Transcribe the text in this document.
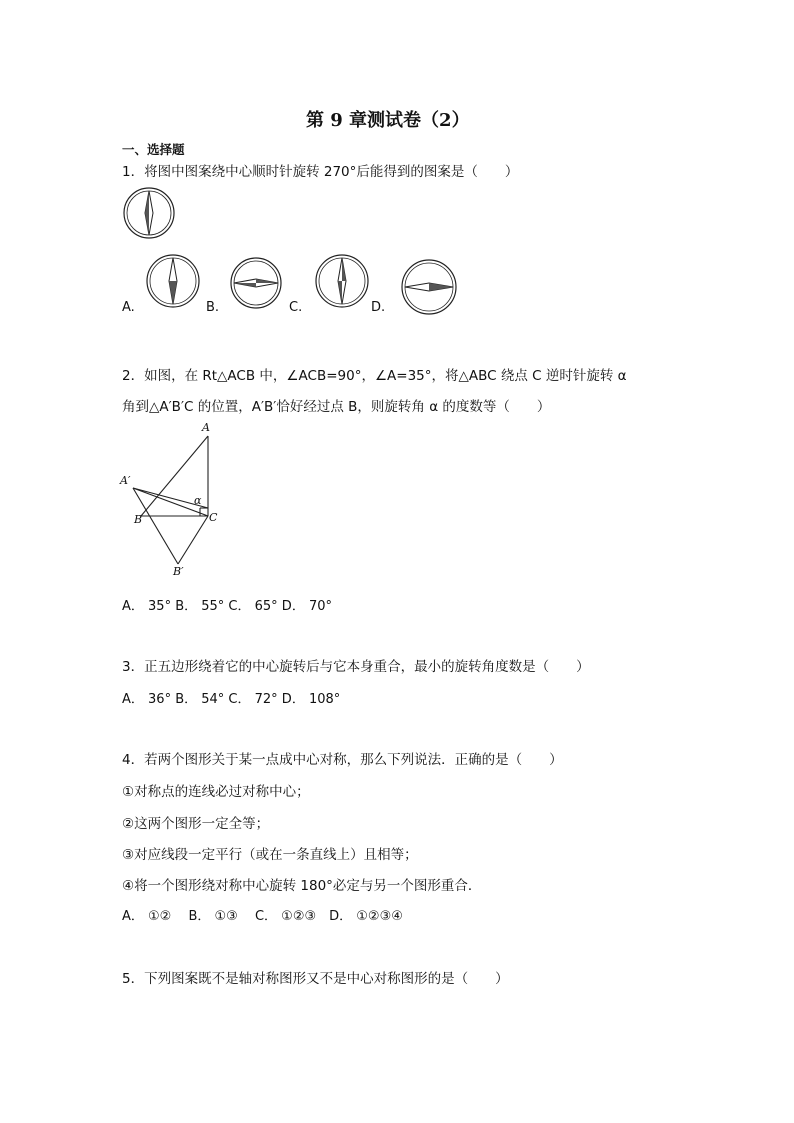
第 9 章测试卷（2）
一、选择题
1．将图中图案绕中心顺时针旋转 270°后能得到的图案是（　　）
A.	B.	C.	D.
2．如图，在 Rt△ACB 中，∠ACB=90°，∠A=35°，将△ABC 绕点 C 逆时针旋转 α
角到△A′B′C 的位置，A′B′恰好经过点 B，则旋转角 α 的度数等（　　）
A
A′
α
B	C
B′
A． 35° B． 55° C． 65° D． 70°
3．正五边形绕着它的中心旋转后与它本身重合，最小的旋转角度数是（　　）
A． 36° B． 54° C． 72° D． 108°
4．若两个图形关于某一点成中心对称，那么下列说法．正确的是（　　）
①对称点的连线必过对称中心；
②这两个图形一定全等；
③对应线段一定平行（或在一条直线上）且相等；
④将一个图形绕对称中心旋转 180°必定与另一个图形重合．
A． ①②　 B． ①③　 C． ①②③　D． ①②③④
5．下列图案既不是轴对称图形又不是中心对称图形的是（　　）
